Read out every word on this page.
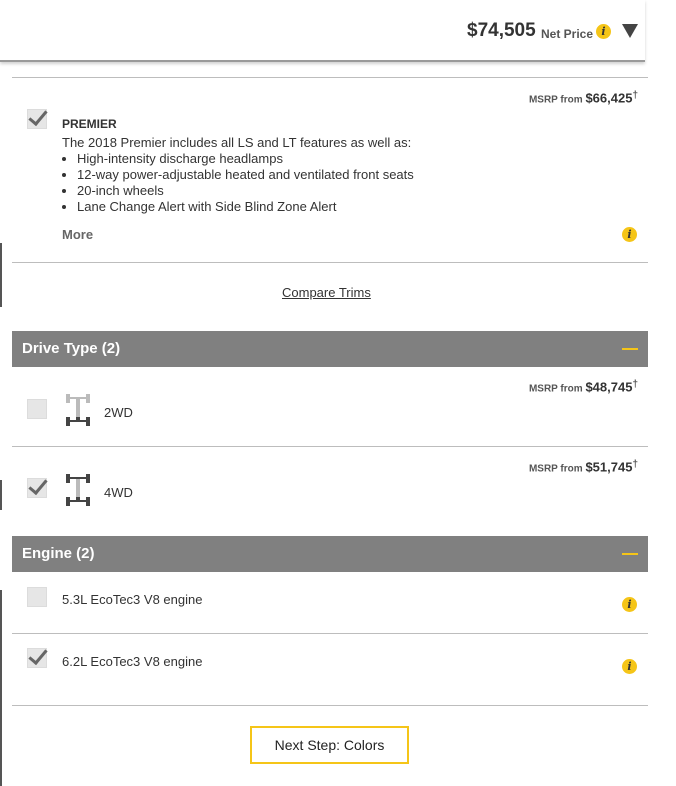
$74,505 Net Price i
MSRP from $66,425†
PREMIER
The 2018 Premier includes all LS and LT features as well as:
• High-intensity discharge headlamps
• 12-way power-adjustable heated and ventilated front seats
• 20-inch wheels
• Lane Change Alert with Side Blind Zone Alert
More	i
Compare Trims
Drive Type (2)
MSRP from $48,745†
2WD
MSRP from $51,745†
4WD
Engine (2)
5.3L EcoTec3 V8 engine	i
6.2L EcoTec3 V8 engine	i
Next Step: Colors
